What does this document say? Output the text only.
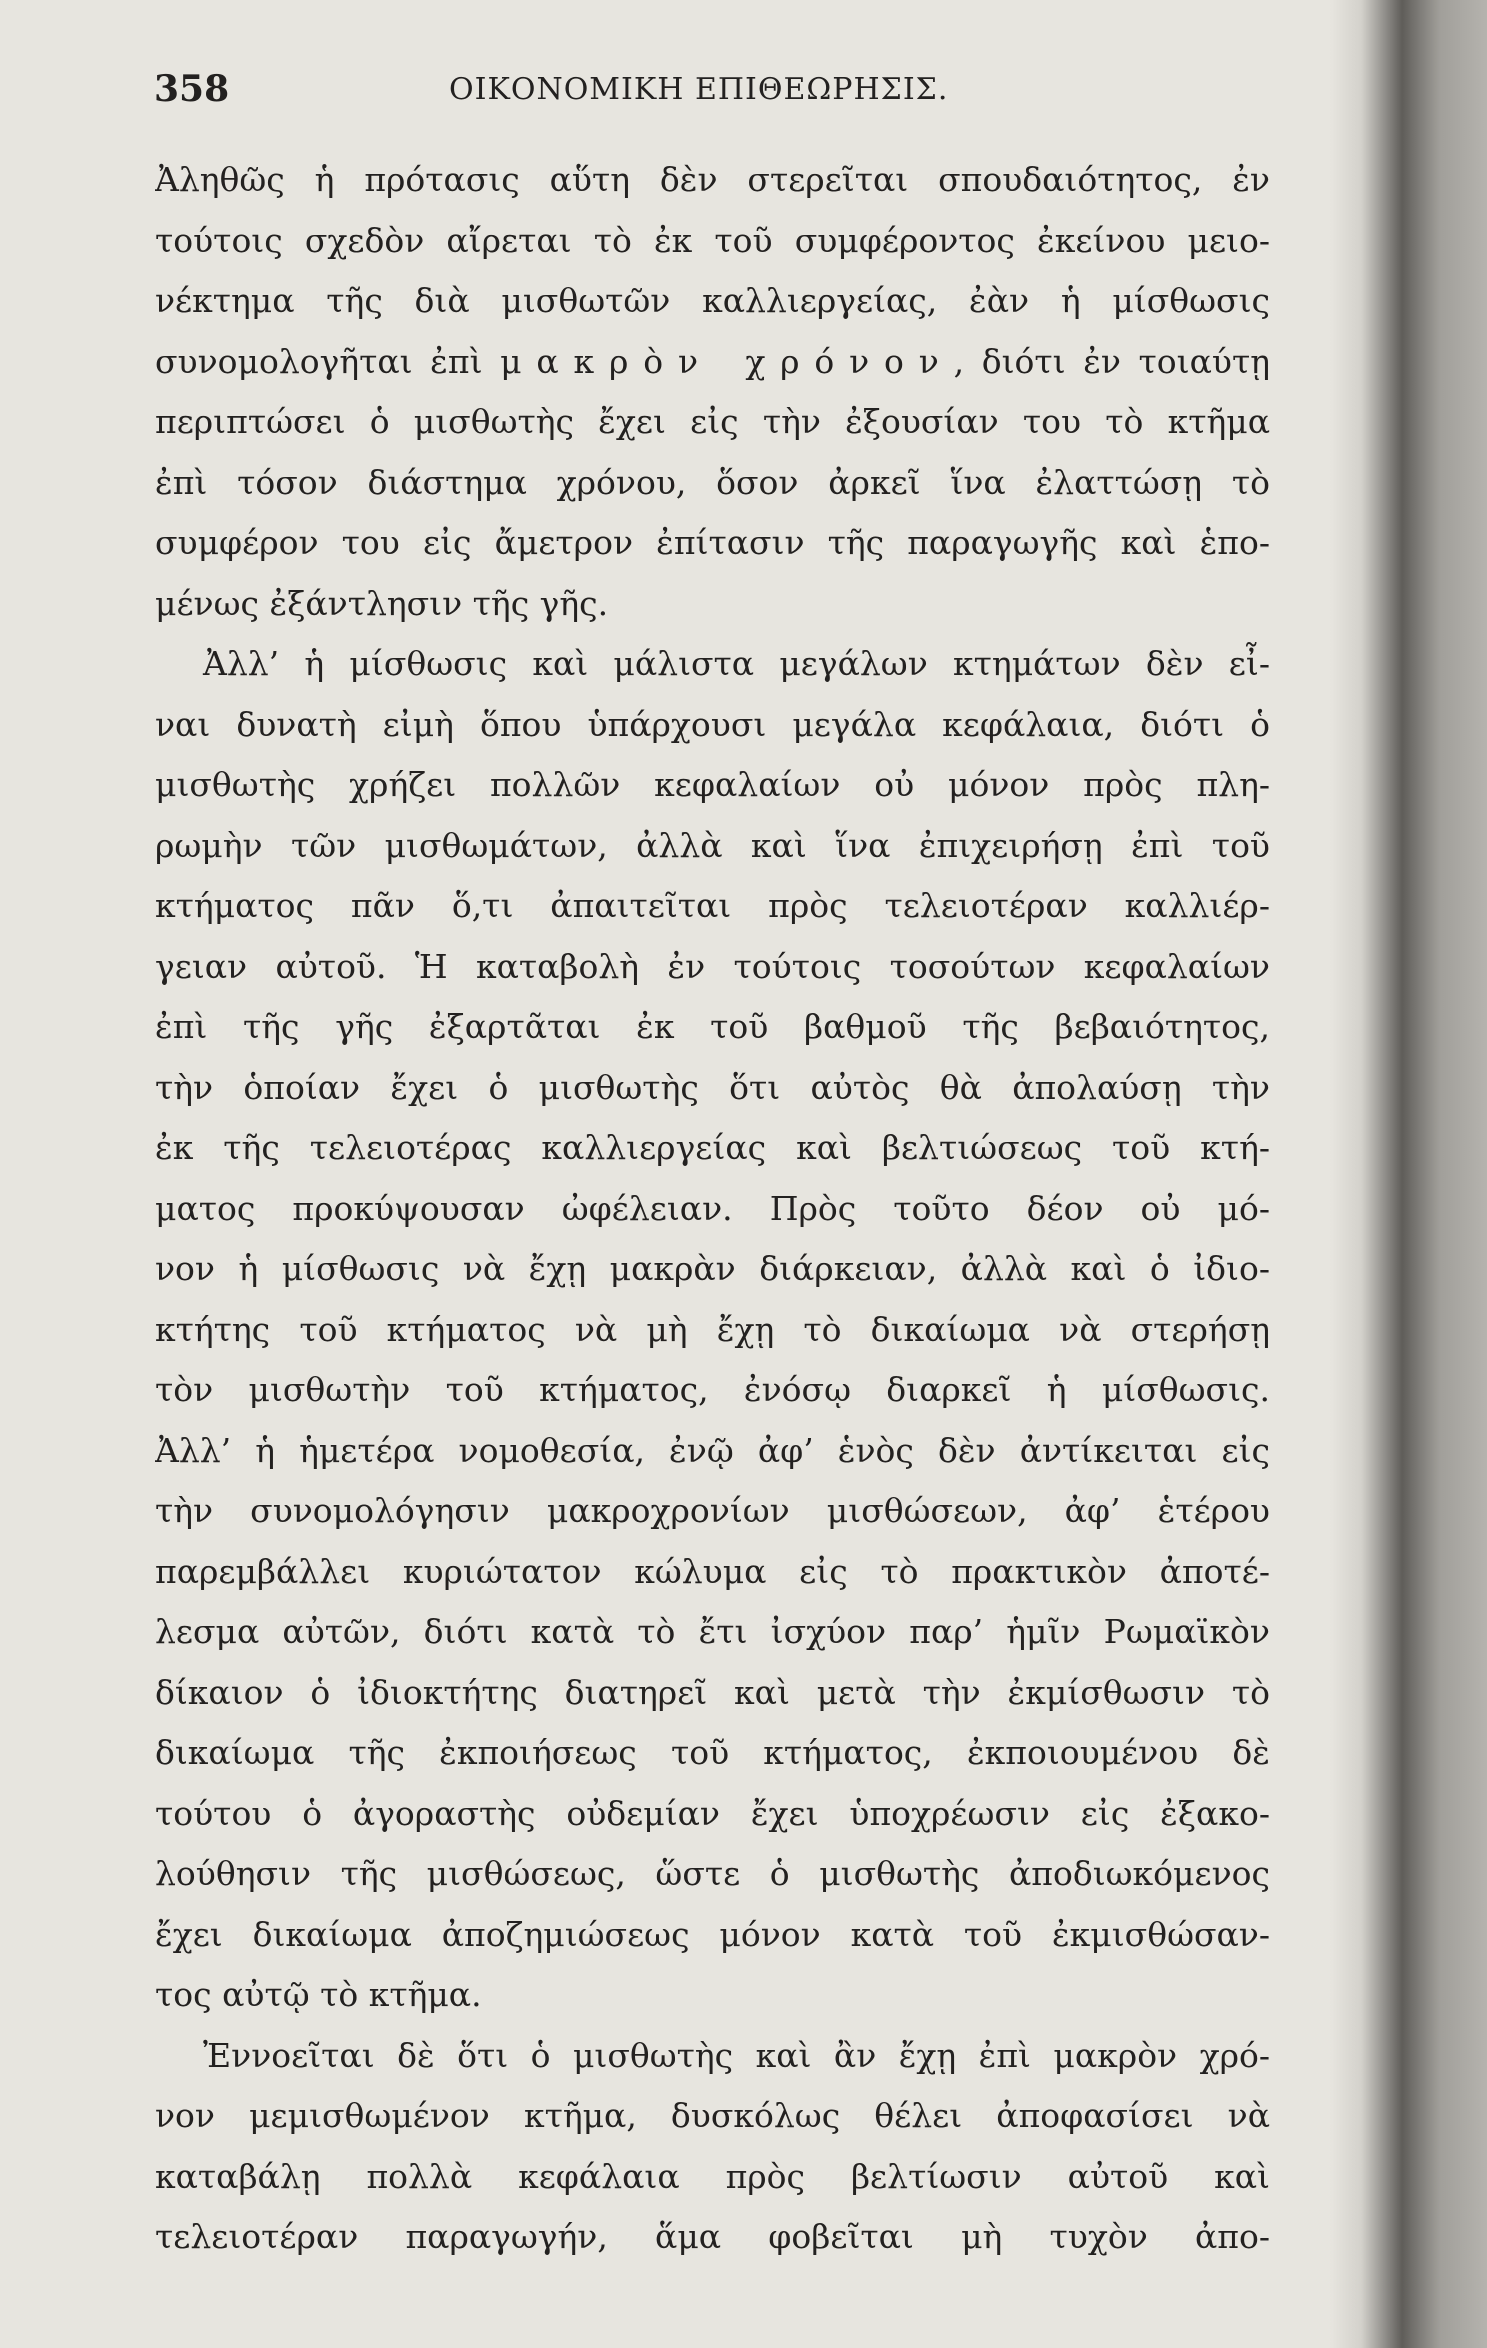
358	ΟΙΚΟΝΟΜΙΚΗ ΕΠΙΘΕΩΡΗΣΙΣ.
Ἀληθῶς ἡ πρότασις αὕτη δὲν στερεῖται σπουδαιότητος, ἐν
τούτοις σχεδὸν αἴρεται τὸ ἐκ τοῦ συμφέροντος ἐκείνου μειο-
νέκτημα τῆς διὰ μισθωτῶν καλλιεργείας, ἐὰν ἡ μίσθωσις
συνομολογῆται ἐπὶ μακρὸν χρόνον, διότι ἐν τοιαύτῃ
περιπτώσει ὁ μισθωτὴς ἔχει εἰς τὴν ἐξουσίαν του τὸ κτῆμα
ἐπὶ τόσον διάστημα χρόνου, ὅσον ἀρκεῖ ἵνα ἐλαττώσῃ τὸ
συμφέρον του εἰς ἄμετρον ἐπίτασιν τῆς παραγωγῆς καὶ ἑπο-
μένως ἐξάντλησιν τῆς γῆς.
Ἀλλ’ ἡ μίσθωσις καὶ μάλιστα μεγάλων κτημάτων δὲν εἶ-
ναι δυνατὴ εἰμὴ ὅπου ὑπάρχουσι μεγάλα κεφάλαια, διότι ὁ
μισθωτὴς χρήζει πολλῶν κεφαλαίων οὐ μόνον πρὸς πλη-
ρωμὴν τῶν μισθωμάτων, ἀλλὰ καὶ ἵνα ἐπιχειρήσῃ ἐπὶ τοῦ
κτήματος πᾶν ὅ,τι ἀπαιτεῖται πρὸς τελειοτέραν καλλιέρ-
γειαν αὐτοῦ. Ἡ καταβολὴ ἐν τούτοις τοσούτων κεφαλαίων
ἐπὶ τῆς γῆς ἐξαρτᾶται ἐκ τοῦ βαθμοῦ τῆς βεβαιότητος,
τὴν ὁποίαν ἔχει ὁ μισθωτὴς ὅτι αὐτὸς θὰ ἀπολαύσῃ τὴν
ἐκ τῆς τελειοτέρας καλλιεργείας καὶ βελτιώσεως τοῦ κτή-
ματος προκύψουσαν ὠφέλειαν. Πρὸς τοῦτο δέον οὐ μό-
νον ἡ μίσθωσις νὰ ἔχῃ μακρὰν διάρκειαν, ἀλλὰ καὶ ὁ ἰδιο-
κτήτης τοῦ κτήματος νὰ μὴ ἔχῃ τὸ δικαίωμα νὰ στερήσῃ
τὸν μισθωτὴν τοῦ κτήματος, ἐνόσῳ διαρκεῖ ἡ μίσθωσις.
Ἀλλ’ ἡ ἡμετέρα νομοθεσία, ἐνῷ ἀφ’ ἑνὸς δὲν ἀντίκειται εἰς
τὴν συνομολόγησιν μακροχρονίων μισθώσεων, ἀφ’ ἑτέρου
παρεμβάλλει κυριώτατον κώλυμα εἰς τὸ πρακτικὸν ἀποτέ-
λεσμα αὐτῶν, διότι κατὰ τὸ ἔτι ἰσχύον παρ’ ἡμῖν Ρωμαϊκὸν
δίκαιον ὁ ἰδιοκτήτης διατηρεῖ καὶ μετὰ τὴν ἐκμίσθωσιν τὸ
δικαίωμα τῆς ἐκποιήσεως τοῦ κτήματος, ἐκποιουμένου δὲ
τούτου ὁ ἀγοραστὴς οὐδεμίαν ἔχει ὑποχρέωσιν εἰς ἐξακο-
λούθησιν τῆς μισθώσεως, ὥστε ὁ μισθωτὴς ἀποδιωκόμενος
ἔχει δικαίωμα ἀποζημιώσεως μόνον κατὰ τοῦ ἐκμισθώσαν-
τος αὐτῷ τὸ κτῆμα.
Ἐννοεῖται δὲ ὅτι ὁ μισθωτὴς καὶ ἂν ἔχῃ ἐπὶ μακρὸν χρό-
νον μεμισθωμένον κτῆμα, δυσκόλως θέλει ἀποφασίσει νὰ
καταβάλῃ πολλὰ κεφάλαια πρὸς βελτίωσιν αὐτοῦ καὶ
τελειοτέραν παραγωγήν, ἅμα φοβεῖται μὴ τυχὸν ἀπο-
